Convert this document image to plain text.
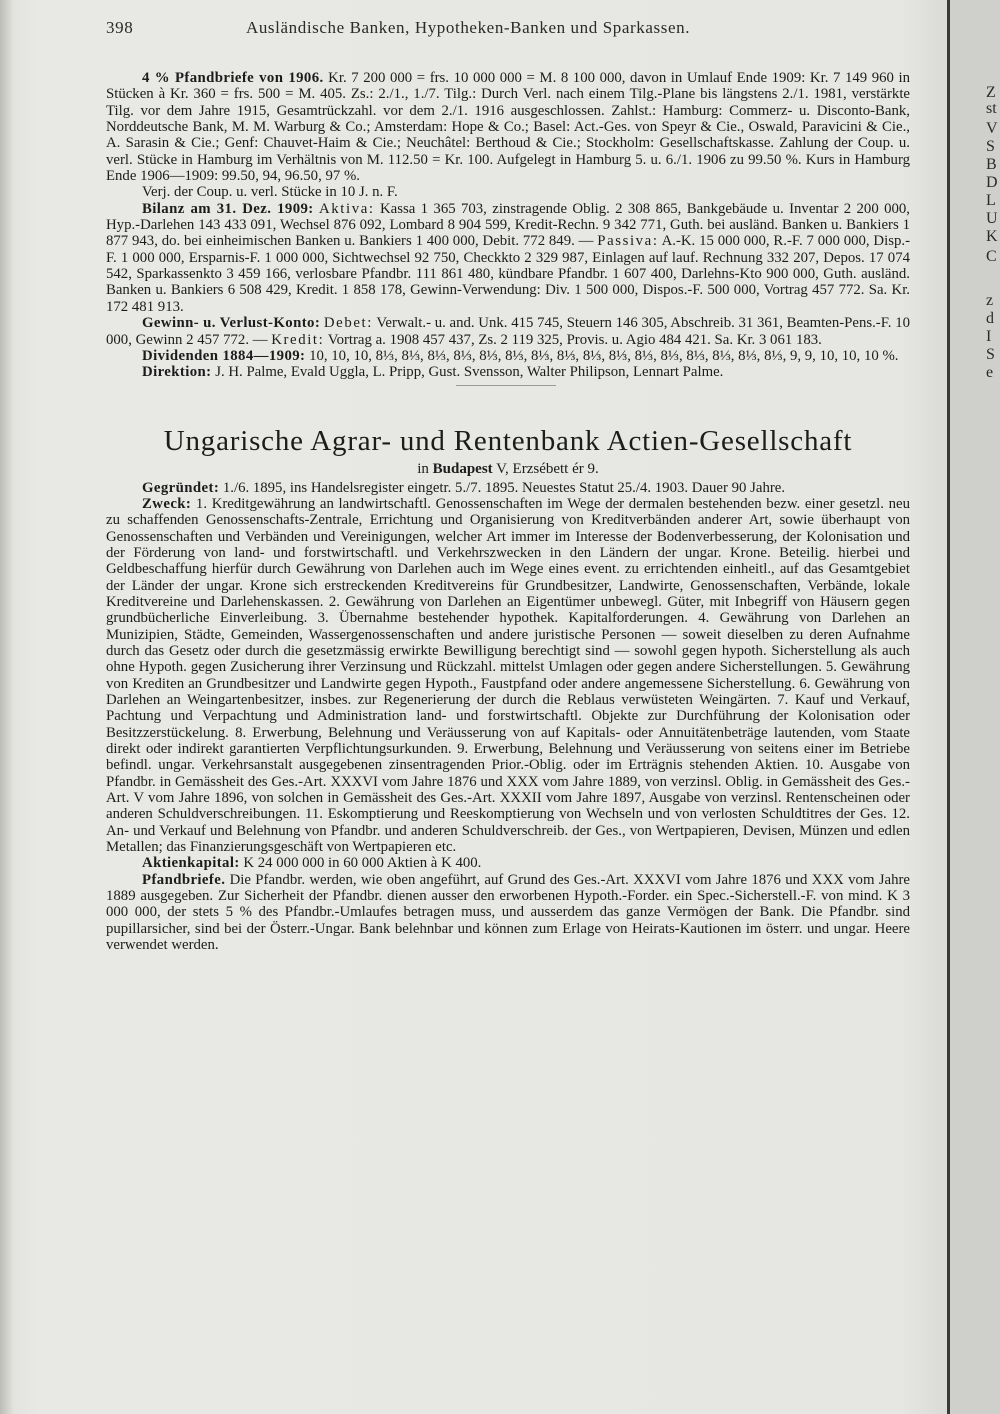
398	Ausländische Banken, Hypotheken-Banken und Sparkassen.

4 % Pfandbriefe von 1906. Kr. 7 200 000 = frs. 10 000 000 = M. 8 100 000, davon in Umlauf Ende 1909: Kr. 7 149 960 in Stücken à Kr. 360 = frs. 500 = M. 405. Zs.: 2./1., 1./7. Tilg.: Durch Verl. nach einem Tilg.-Plane bis längstens 2./1. 1981, verstärkte Tilg. vor dem Jahre 1915, Gesamtrückzahl. vor dem 2./1. 1916 ausgeschlossen. Zahlst.: Hamburg: Commerz- u. Disconto-Bank, Norddeutsche Bank, M. M. Warburg & Co.; Amsterdam: Hope & Co.; Basel: Act.-Ges. von Speyr & Cie., Oswald, Paravicini & Cie., A. Sarasin & Cie.; Genf: Chauvet-Haim & Cie.; Neuchâtel: Berthoud & Cie.; Stockholm: Gesellschaftskasse. Zahlung der Coup. u. verl. Stücke in Hamburg im Verhältnis von M. 112.50 = Kr. 100. Aufgelegt in Hamburg 5. u. 6./1. 1906 zu 99.50 %. Kurs in Hamburg Ende 1906—1909: 99.50, 94, 96.50, 97 %.

Verj. der Coup. u. verl. Stücke in 10 J. n. F.

Bilanz am 31. Dez. 1909: Aktiva: Kassa 1 365 703, zinstragende Oblig. 2 308 865, Bankgebäude u. Inventar 2 200 000, Hyp.-Darlehen 143 433 091, Wechsel 876 092, Lombard 8 904 599, Kredit-Rechn. 9 342 771, Guth. bei ausländ. Banken u. Bankiers 1 877 943, do. bei einheimischen Banken u. Bankiers 1 400 000, Debit. 772 849. — Passiva: A.-K. 15 000 000, R.-F. 7 000 000, Disp.-F. 1 000 000, Ersparnis-F. 1 000 000, Sichtwechsel 92 750, Checkkto 2 329 987, Einlagen auf lauf. Rechnung 332 207, Depos. 17 074 542, Sparkassenkto 3 459 166, verlosbare Pfandbr. 111 861 480, kündbare Pfandbr. 1 607 400, Darlehns-Kto 900 000, Guth. ausländ. Banken u. Bankiers 6 508 429, Kredit. 1 858 178, Gewinn-Verwendung: Div. 1 500 000, Dispos.-F. 500 000, Vortrag 457 772. Sa. Kr. 172 481 913.

Gewinn- u. Verlust-Konto: Debet: Verwalt.- u. and. Unk. 415 745, Steuern 146 305, Abschreib. 31 361, Beamten-Pens.-F. 10 000, Gewinn 2 457 772. — Kredit: Vortrag a. 1908 457 437, Zs. 2 119 325, Provis. u. Agio 484 421. Sa. Kr. 3 061 183.

Dividenden 1884—1909: 10, 10, 10, 8⅓, 8⅓, 8⅓, 8⅓, 8⅓, 8⅓, 8⅓, 8⅓, 8⅓, 8⅓, 8⅓, 8⅓, 8⅓, 8⅓, 8⅓, 8⅓, 9, 9, 10, 10, 10 %.

Direktion: J. H. Palme, Evald Uggla, L. Pripp, Gust. Svensson, Walter Philipson, Lennart Palme.

Ungarische Agrar- und Rentenbank Actien-Gesellschaft

in Budapest V, Erzsébett ér 9.

Gegründet: 1./6. 1895, ins Handelsregister eingetr. 5./7. 1895. Neuestes Statut 25./4. 1903. Dauer 90 Jahre.

Zweck: 1. Kreditgewährung an landwirtschaftl. Genossenschaften im Wege der dermalen bestehenden bezw. einer gesetzl. neu zu schaffenden Genossenschafts-Zentrale, Errichtung und Organisierung von Kreditverbänden anderer Art, sowie überhaupt von Genossenschaften und Verbänden und Vereinigungen, welcher Art immer im Interesse der Bodenverbesserung, der Kolonisation und der Förderung von land- und forstwirtschaftl. und Verkehrszwecken in den Ländern der ungar. Krone. Beteilig. hierbei und Geldbeschaffung hierfür durch Gewährung von Darlehen auch im Wege eines event. zu errichtenden einheitl., auf das Gesamtgebiet der Länder der ungar. Krone sich erstreckenden Kreditvereins für Grundbesitzer, Landwirte, Genossenschaften, Verbände, lokale Kreditvereine und Darlehenskassen. 2. Gewährung von Darlehen an Eigentümer unbewegl. Güter, mit Inbegriff von Häusern gegen grundbücherliche Einverleibung. 3. Übernahme bestehender hypothek. Kapitalforderungen. 4. Gewährung von Darlehen an Munizipien, Städte, Gemeinden, Wassergenossenschaften und andere juristische Personen — soweit dieselben zu deren Aufnahme durch das Gesetz oder durch die gesetzmässig erwirkte Bewilligung berechtigt sind — sowohl gegen hypoth. Sicherstellung als auch ohne Hypoth. gegen Zusicherung ihrer Verzinsung und Rückzahl. mittelst Umlagen oder gegen andere Sicherstellungen. 5. Gewährung von Krediten an Grundbesitzer und Landwirte gegen Hypoth., Faustpfand oder andere angemessene Sicherstellung. 6. Gewährung von Darlehen an Weingartenbesitzer, insbes. zur Regenerierung der durch die Reblaus verwüsteten Weingärten. 7. Kauf und Verkauf, Pachtung und Verpachtung und Administration land- und forstwirtschaftl. Objekte zur Durchführung der Kolonisation oder Besitzzerstückelung. 8. Erwerbung, Belehnung und Veräusserung von auf Kapitals- oder Annuitätenbeträge lautenden, vom Staate direkt oder indirekt garantierten Verpflichtungsurkunden. 9. Erwerbung, Belehnung und Veräusserung von seitens einer im Betriebe befindl. ungar. Verkehrsanstalt ausgegebenen zinsentragenden Prior.-Oblig. oder im Erträgnis stehenden Aktien. 10. Ausgabe von Pfandbr. in Gemässheit des Ges.-Art. XXXVI vom Jahre 1876 und XXX vom Jahre 1889, von verzinsl. Oblig. in Gemässheit des Ges.-Art. V vom Jahre 1896, von solchen in Gemässheit des Ges.-Art. XXXII vom Jahre 1897, Ausgabe von verzinsl. Rentenscheinen oder anderen Schuldverschreibungen. 11. Eskomptierung und Reeskomptierung von Wechseln und von verlosten Schuldtitres der Ges. 12. An- und Verkauf und Belehnung von Pfandbr. und anderen Schuldverschreib. der Ges., von Wertpapieren, Devisen, Münzen und edlen Metallen; das Finanzierungsgeschäft von Wertpapieren etc.

Aktienkapital: K 24 000 000 in 60 000 Aktien à K 400.

Pfandbriefe. Die Pfandbr. werden, wie oben angeführt, auf Grund des Ges.-Art. XXXVI vom Jahre 1876 und XXX vom Jahre 1889 ausgegeben. Zur Sicherheit der Pfandbr. dienen ausser den erworbenen Hypoth.-Forder. ein Spec.-Sicherstell.-F. von mind. K 3 000 000, der stets 5 % des Pfandbr.-Umlaufes betragen muss, und ausserdem das ganze Vermögen der Bank. Die Pfandbr. sind pupillarsicher, sind bei der Österr.-Ungar. Bank belehnbar und können zum Erlage von Heirats-Kautionen im österr. und ungar. Heere verwendet werden.

Z
st
V
S
B
D
L
U
K
C
z
d
I
S
e
